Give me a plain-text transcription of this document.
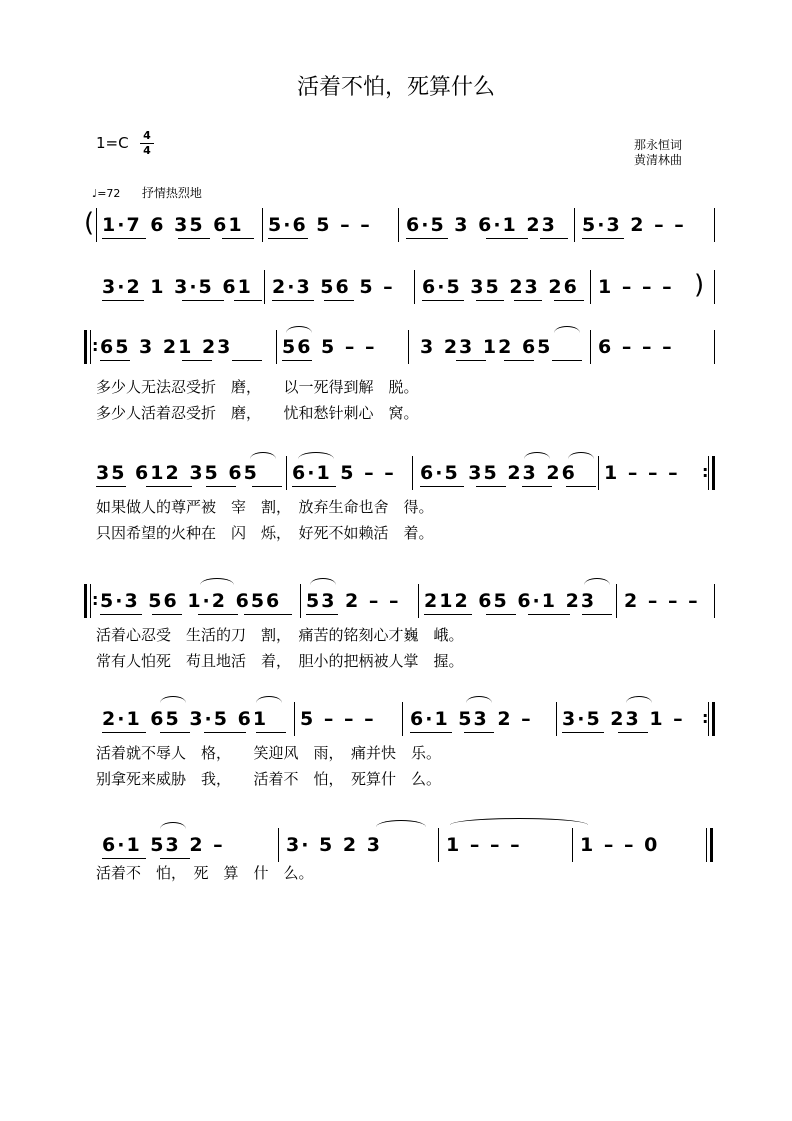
活着不怕，死算什么
1=C 4
4	那永恒词
黄清林曲
♩=72 抒情热烈地
( 1·7 6 35 61 5·6 5 – – 6·5 3 6·1 23 5·3 2 – –
3·2 1 3·5 61 2·3 56 5 – 6·5 35 23 26 1 – – – )
: 65 3 21 23	56 5 – – 3 23 12 65 6 – – –
多少人无法忍受折　磨，　　以一死得到解　脱。
多少人活着忍受折　磨，　　忧和愁针刺心　窝。
35 612 35 65 6·1 5 – – 6·5 35 23 26 1 – – – :
如果做人的尊严被　宰　割，　放弃生命也舍　得。
只因希望的火种在　闪　烁，　好死不如赖活　着。
: 5·3 56 1·2 656 53 2 – – 212 65 6·1 23 2 – – –
活着心忍受　生活的刀　割，　痛苦的铭刻心才巍　峨。
常有人怕死　苟且地活　着，　胆小的把柄被人掌　握。
2·1 65 3·5 61 5 – – – 6·1 53 2 – 3·5 23 1 – :
活着就不辱人　格，　　笑迎风　雨，　痛并快　乐。
别拿死来威胁　我，　　活着不　怕，　死算什　么。
6·1 53 2 –	3· 5 2 3	1 – – –	1 – – 0
活着不　怕，　死　算　什　么。
